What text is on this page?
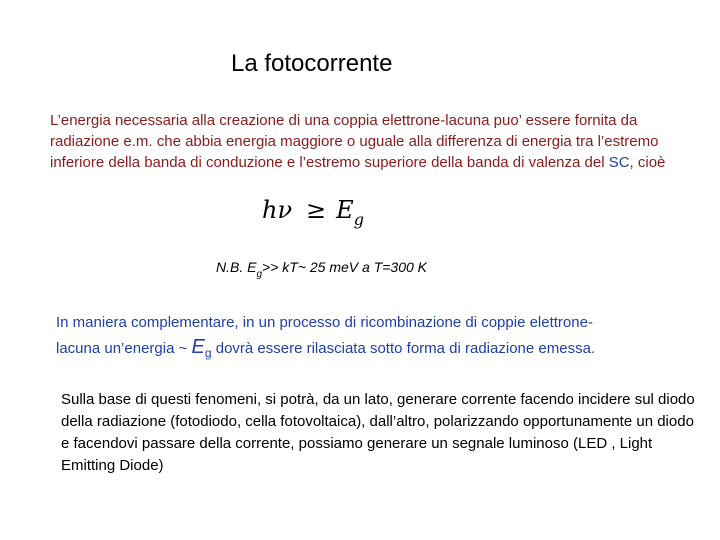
La fotocorrente
L’energia necessaria alla creazione di una coppia elettrone-lacuna puo’ essere fornita da radiazione e.m. che abbia energia maggiore o uguale alla differenza di energia tra l’estremo inferiore della banda di conduzione e l’estremo superiore della banda di valenza del SC, cioè
$h\nu \ge E_g$
N.B. $E_g>>$ kT~ 25 meV a T=300 K
In maniera complementare, in un processo di ricombinazione di coppie elettrone-
lacuna un’energia ~ $E_g$ dovrà essere rilasciata sotto forma di radiazione emessa.
Sulla base di questi fenomeni, si potrà, da un lato, generare corrente facendo incidere sul diodo della radiazione (fotodiodo, cella fotovoltaica), dall’altro, polarizzando opportunamente un diodo e facendovi passare della corrente, possiamo generare un segnale luminoso (LED , Light Emitting Diode)
